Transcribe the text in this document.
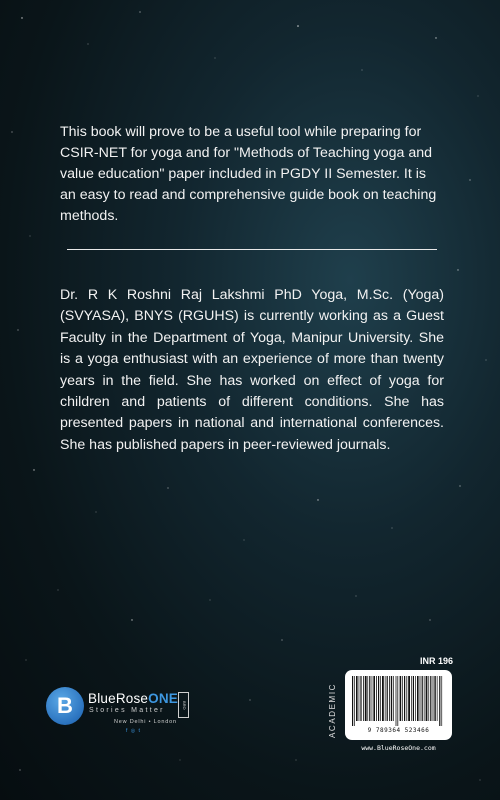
This book will prove to be a useful tool while preparing for CSIR-NET for yoga and for "Methods of Teaching yoga and value education" paper included in PGDY II Semester. It is an easy to read and comprehensive guide book on teaching methods.
Dr. R K Roshni Raj Lakshmi PhD Yoga, M.Sc. (Yoga) (SVYASA), BNYS (RGUHS) is currently working as a Guest Faculty in the Department of Yoga, Manipur University. She is a yoga enthusiast with an experience of more than twenty years in the field. She has worked on effect of yoga for children and patients of different conditions. She has presented papers in national and international conferences. She has published papers in peer-reviewed journals.
INR 196
ACADEMIC	9 789364 523466
www.BlueRoseOne.com
B BlueRoseONE	BRO
Stories Matter
New Delhi • London
f ◎ t
